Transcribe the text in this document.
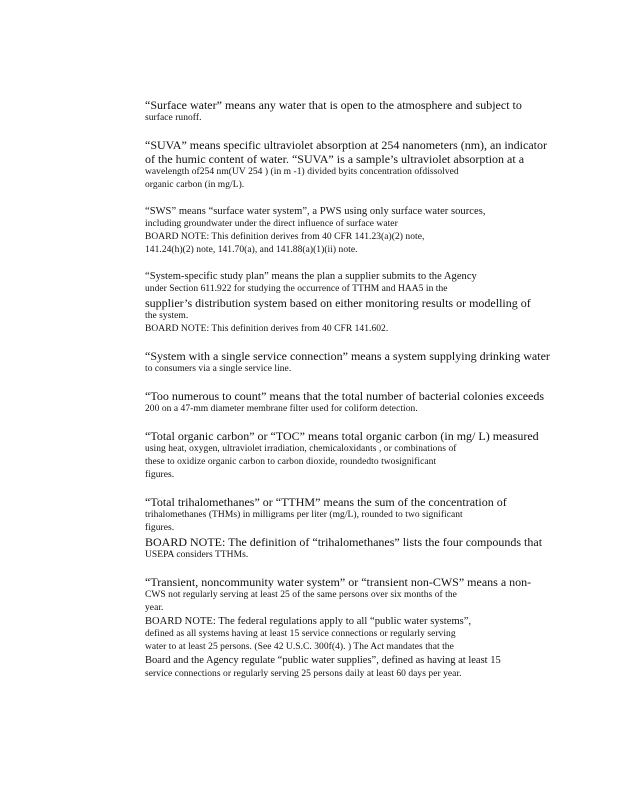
“Surface water” means any water that is open to the atmosphere and subject to

surface runoff.

“SUVA” means specific ultraviolet absorption at 254 nanometers (nm), an indicator

of the humic content of water. “SUVA” is a sample’s ultraviolet absorption at a

wavelength of254 nm(UV 254 ) (in m -1) divided byits concentration ofdissolved

organic carbon (in mg/L).

“SWS” means “surface water system”, a PWS using only surface water sources,

including groundwater under the direct influence of surface water

BOARD NOTE: This definition derives from 40 CFR 141.23(a)(2) note,

141.24(h)(2) note, 141.70(a), and 141.88(a)(1)(ii) note.

“System-specific study plan” means the plan a supplier submits to the Agency

under Section 611.922 for studying the occurrence of TTHM and HAA5 in the

supplier’s distribution system based on either monitoring results or modelling of

the system.

BOARD NOTE: This definition derives from 40 CFR 141.602.

“System with a single service connection” means a system supplying drinking water

to consumers via a single service line.

“Too numerous to count” means that the total number of bacterial colonies exceeds

200 on a 47-mm diameter membrane filter used for coliform detection.

“Total organic carbon” or “TOC” means total organic carbon (in mg/ L) measured

using heat, oxygen, ultraviolet irradiation, chemicaloxidants , or combinations of

these to oxidize organic carbon to carbon dioxide, roundedto twosignificant

figures.

“Total trihalomethanes” or “TTHM” means the sum of the concentration of

trihalomethanes (THMs) in milligrams per liter (mg/L), rounded to two significant

figures.

BOARD NOTE: The definition of “trihalomethanes” lists the four compounds that

USEPA considers TTHMs.

“Transient, noncommunity water system” or “transient non-CWS” means a non-

CWS not regularly serving at least 25 of the same persons over six months of the

year.

BOARD NOTE: The federal regulations apply to all “public water systems”,

defined as all systems having at least 15 service connections or regularly serving

water to at least 25 persons. (See 42 U.S.C. 300f(4). ) The Act mandates that the

Board and the Agency regulate “public water supplies”, defined as having at least 15

service connections or regularly serving 25 persons daily at least 60 days per year.
